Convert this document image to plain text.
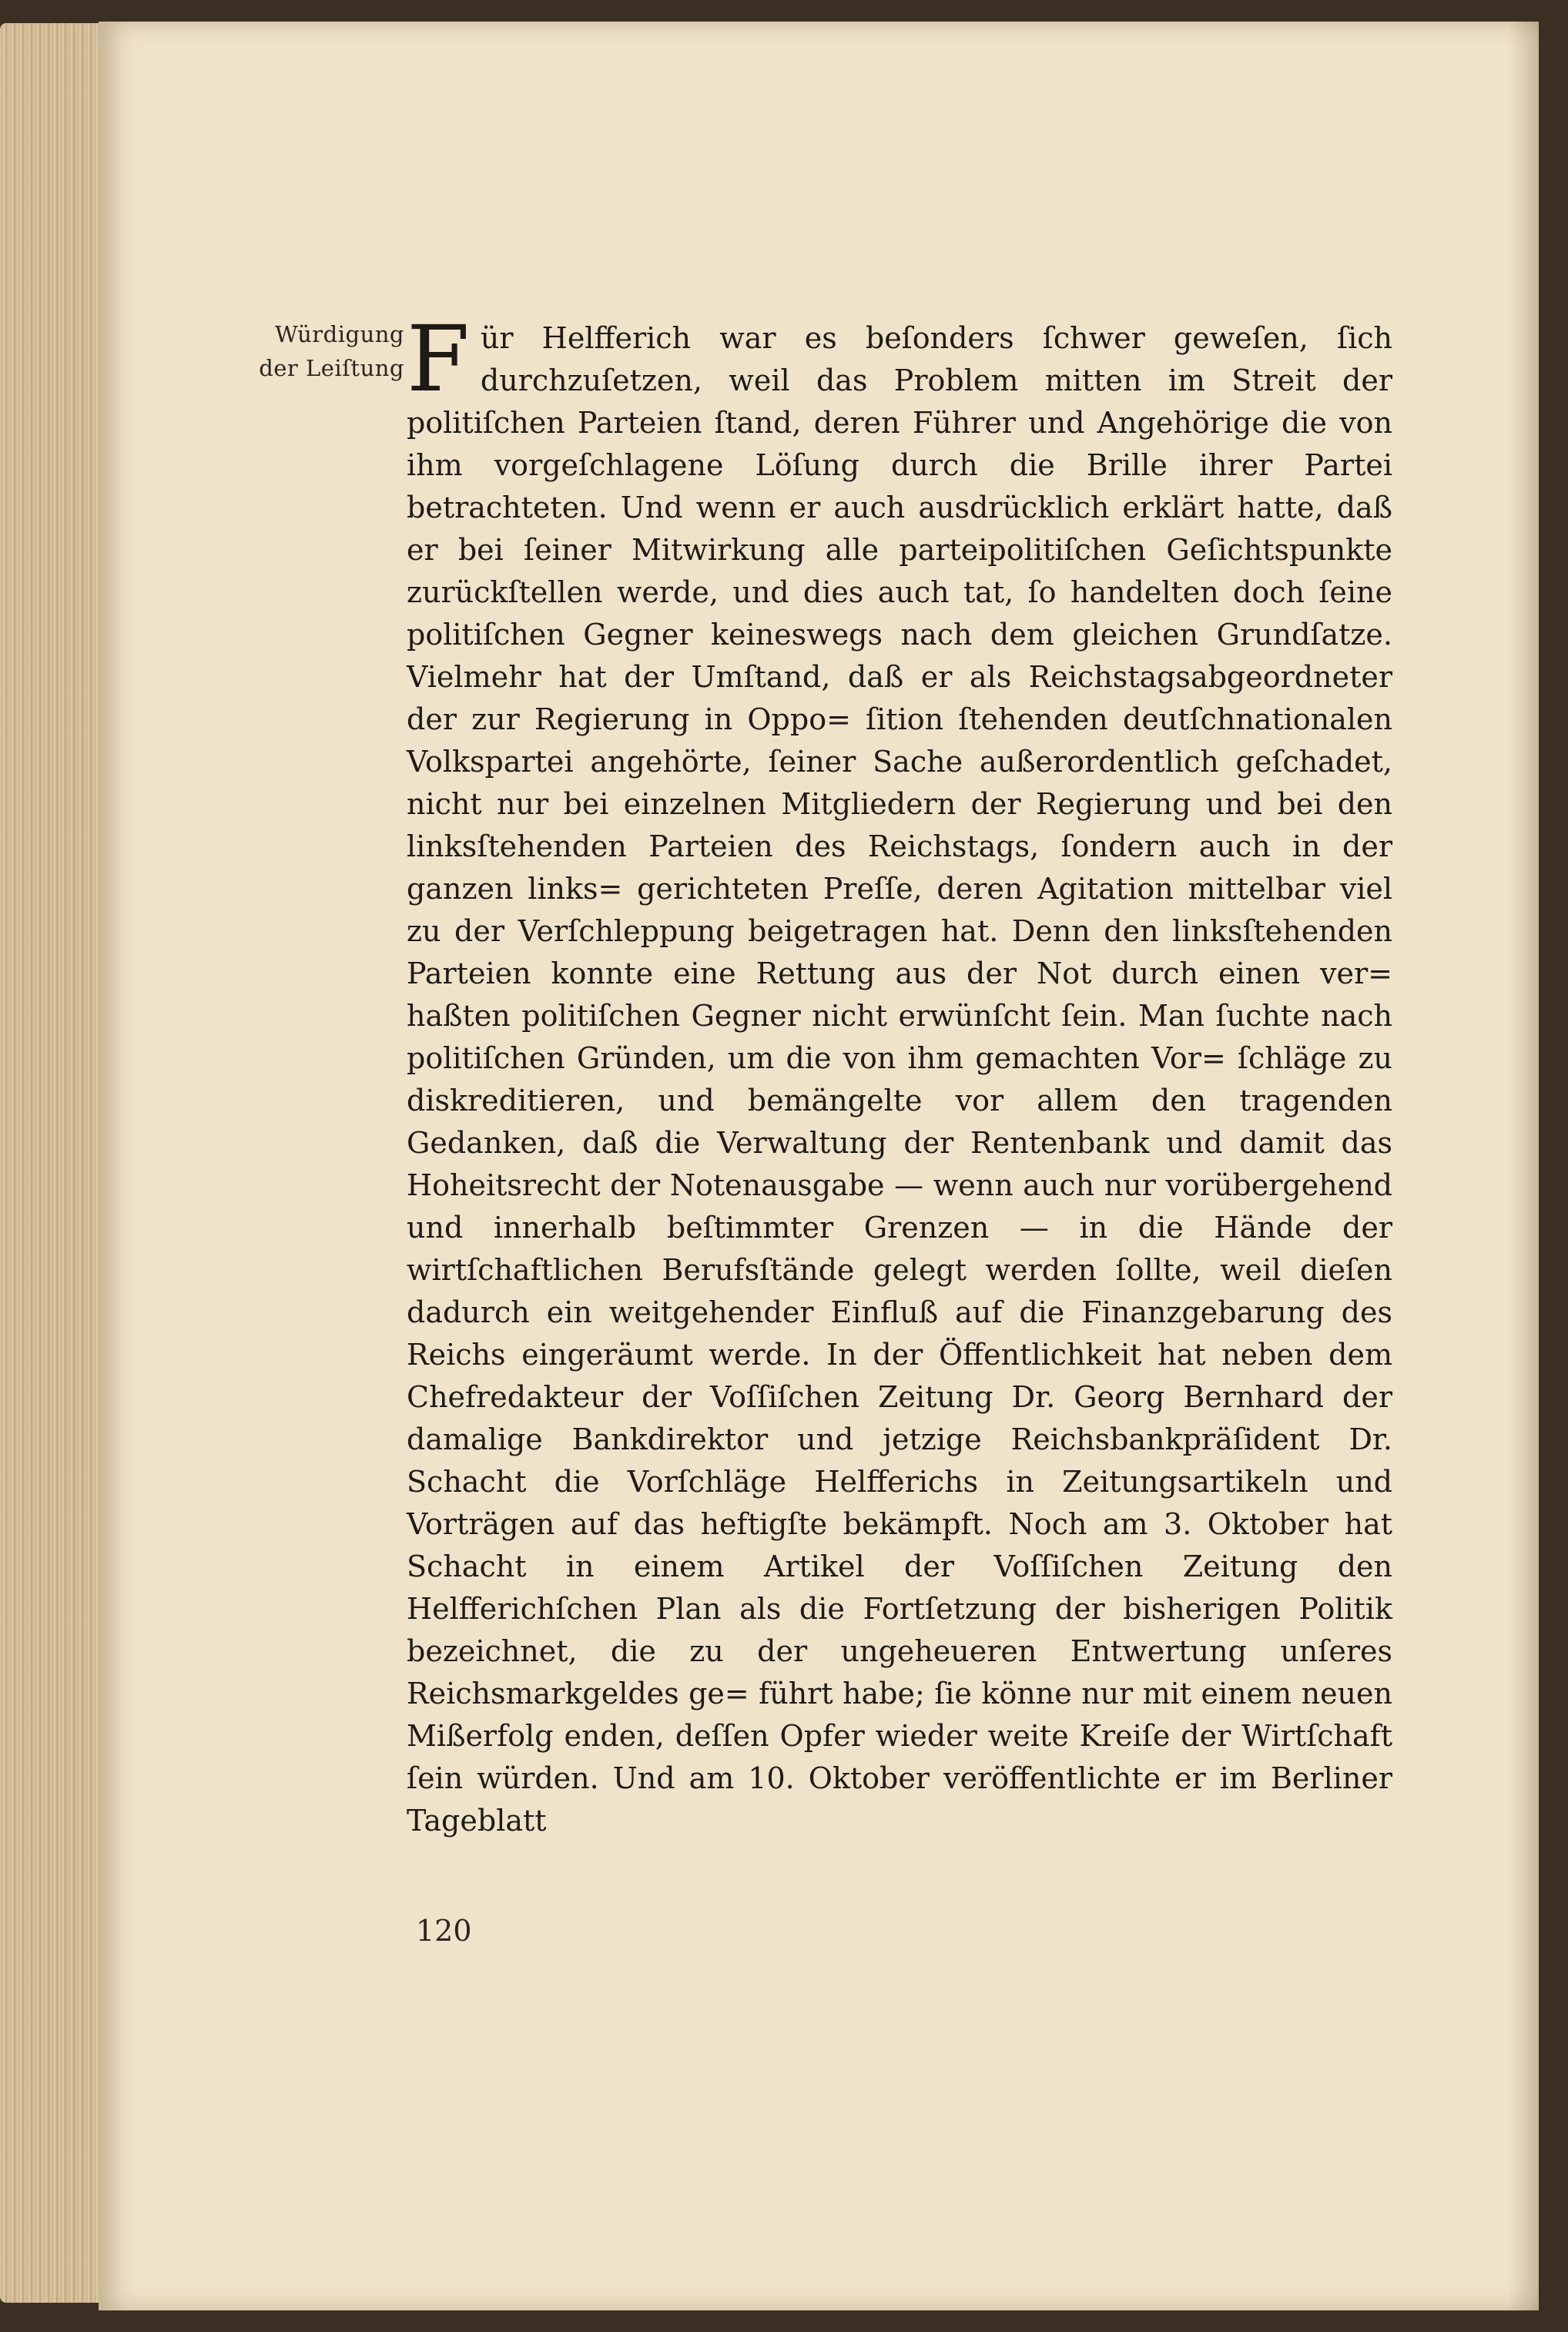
Würdigung
der Leiſtung F ür Helfferich war es beſonders ſchwer geweſen, ſich durchzuſetzen, weil das Problem mitten im Streit der politiſchen Parteien ſtand, deren Führer und Angehörige die von ihm vorgeſchlagene Löſung durch die Brille ihrer Partei betrachteten. Und wenn er auch ausdrücklich erklärt hatte, daß er bei ſeiner Mitwirkung alle parteipolitiſchen Geſichtspunkte zurückſtellen werde, und dies auch tat, ſo handelten doch ſeine politiſchen Gegner keineswegs nach dem gleichen Grundſatze. Vielmehr hat der Umſtand, daß er als Reichstagsabgeordneter der zur Regierung in Oppo= ſition ſtehenden deutſchnationalen Volkspartei angehörte, ſeiner Sache außerordentlich geſchadet, nicht nur bei einzelnen Mitgliedern der Regierung und bei den linksſtehenden Parteien des Reichstags, ſondern auch in der ganzen links= gerichteten Preſſe, deren Agitation mittelbar viel zu der Verſchleppung beigetragen hat. Denn den linksſtehenden Parteien konnte eine Rettung aus der Not durch einen ver= haßten politiſchen Gegner nicht erwünſcht ſein. Man ſuchte nach politiſchen Gründen, um die von ihm gemachten Vor= ſchläge zu diskreditieren, und bemängelte vor allem den tragenden Gedanken, daß die Verwaltung der Rentenbank und damit das Hoheitsrecht der Notenausgabe — wenn auch nur vorübergehend und innerhalb beſtimmter Grenzen — in die Hände der wirtſchaftlichen Berufsſtände gelegt werden ſollte, weil dieſen dadurch ein weitgehender Einfluß auf die Finanzgebarung des Reichs eingeräumt werde. In der Öffentlichkeit hat neben dem Chefredakteur der Voſſiſchen Zeitung Dr. Georg Bernhard der damalige Bankdirektor und jetzige Reichsbankpräſident Dr. Schacht die Vorſchläge Helfferichs in Zeitungsartikeln und Vorträgen auf das heftigſte bekämpft. Noch am 3. Oktober hat Schacht in einem Artikel der Voſſiſchen Zeitung den Helfferichſchen Plan als die Fortſetzung der bisherigen Politik bezeichnet, die zu der ungeheueren Entwertung unſeres Reichsmarkgeldes ge= führt habe; ſie könne nur mit einem neuen Mißerfolg enden, deſſen Opfer wieder weite Kreiſe der Wirtſchaft ſein würden. Und am 10. Oktober veröffentlichte er im Berliner Tageblatt
120
